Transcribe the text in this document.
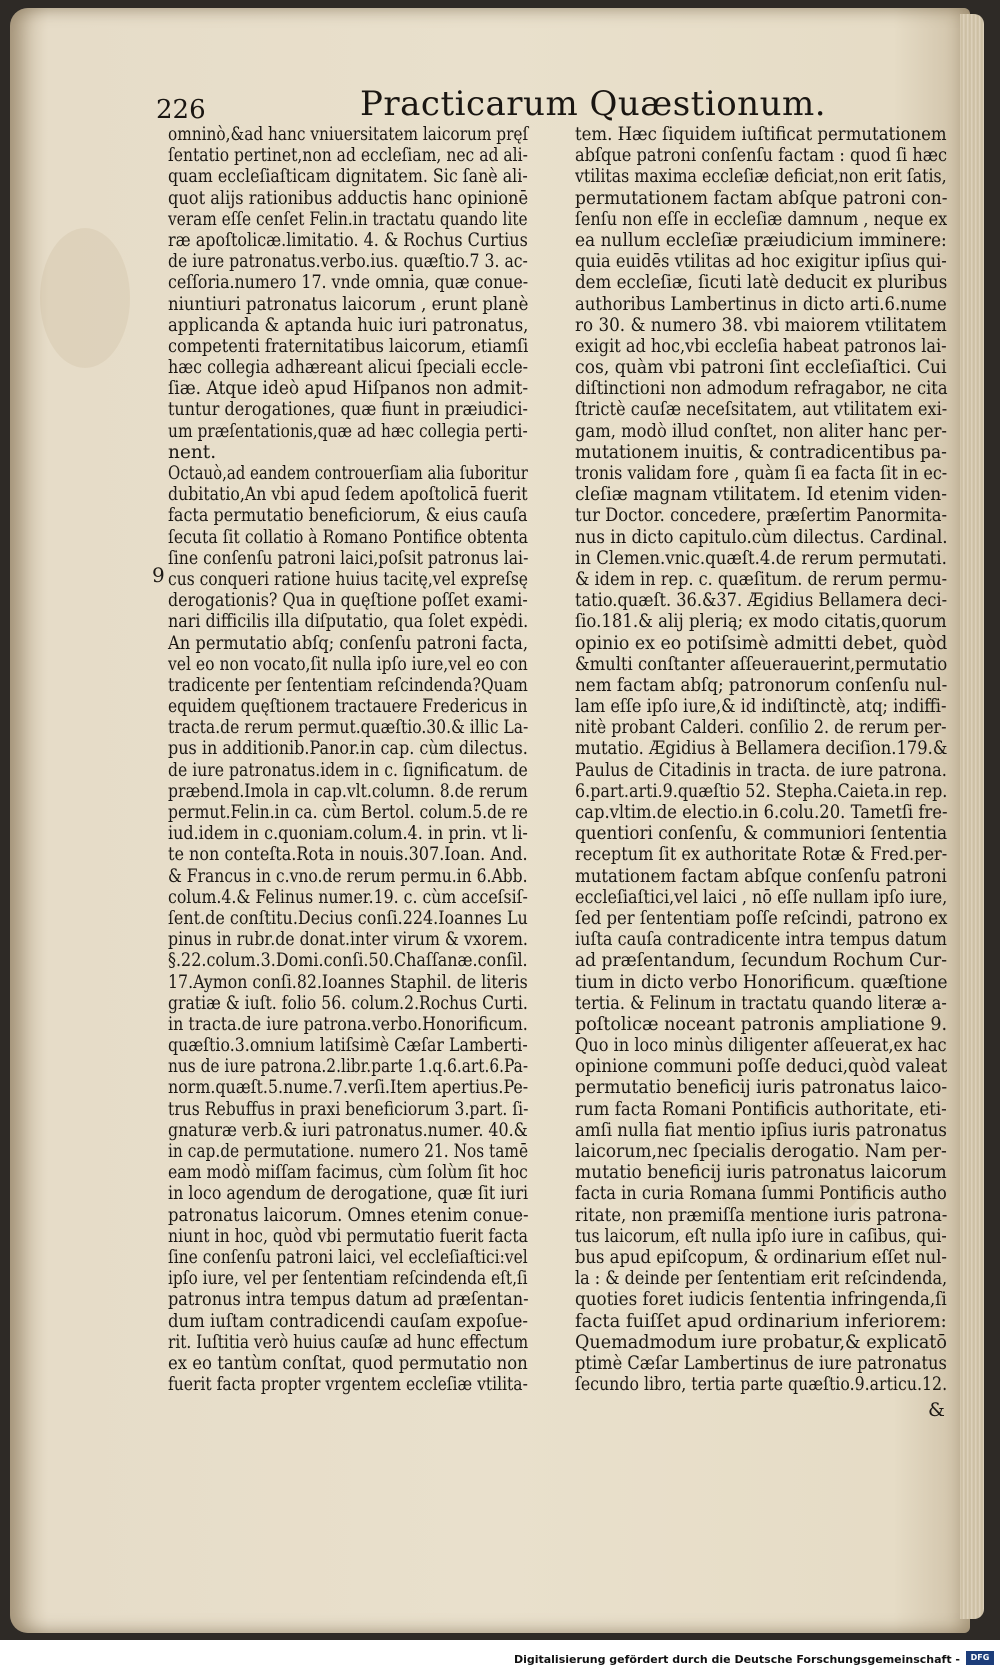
226	Practicarum Quæstionum.
omninò,&ad hanc vniuersitatem laicorum pręſ
ſentatio pertinet,non ad eccleſiam, nec ad ali-
quam eccleſiaſticam dignitatem. Sic ſanè ali-
quot alijs rationibus adductis hanc opinionē
veram eſſe cenſet Felin.in tractatu quando lite
ræ apoſtolicæ.limitatio. 4. & Rochus Curtius
de iure patronatus.verbo.ius. quæſtio.7 3. ac-
ceſſoria.numero 17. vnde omnia, quæ conue-
niuntiuri patronatus laicorum , erunt planè
applicanda & aptanda huic iuri patronatus,
competenti fraternitatibus laicorum, etiamſi
hæc collegia adhæreant alicui ſpeciali eccle-
ſiæ. Atque ideò apud Hiſpanos non admit-
tuntur derogationes, quæ fiunt in præiudici-
um præſentationis,quæ ad hæc collegia perti-
nent.
Octauò,ad eandem controuerſiam alia ſuboritur
dubitatio,An vbi apud ſedem apoſtolicā fuerit
facta permutatio beneficiorum, & eius cauſa
ſecuta ſit collatio à Romano Pontifice obtenta
ſine conſenſu patroni laici,poſsit patronus lai-
cus conqueri ratione huius tacitę,vel expreſsę
derogationis? Qua in quęſtione poſſet exami-
nari difficilis illa diſputatio, qua ſolet expėdi.
An permutatio abſq; conſenſu patroni facta,
vel eo non vocato,ſit nulla ipſo iure,vel eo con
tradicente per ſententiam reſcindenda?Quam
equidem quęſtionem tractauere Fredericus in
tracta.de rerum permut.quæſtio.30.& illic La-
pus in additionib.Panor.in cap. cùm dilectus.
de iure patronatus.idem in c. ſignificatum. de
præbend.Imola in cap.vlt.column. 8.de rerum
permut.Felin.in ca. cùm Bertol. colum.5.de re
iud.idem in c.quoniam.colum.4. in prin. vt li-
te non conteſta.Rota in nouis.307.Ioan. And.
& Francus in c.vno.de rerum permu.in 6.Abb.
colum.4.& Felinus numer.19. c. cùm acceſsiſ-
ſent.de conſtitu.Decius conſi.224.Ioannes Lu
pinus in rubr.de donat.inter virum & vxorem.
§.22.colum.3.Domi.conſi.50.Chaſſanæ.conſil.
17.Aymon conſi.82.Ioannes Staphil. de literis
gratiæ & iuſt. folio 56. colum.2.Rochus Curti.
in tracta.de iure patrona.verbo.Honorificum.
quæſtio.3.omnium latiſsimè Cæſar Lamberti-
nus de iure patrona.2.libr.parte 1.q.6.art.6.Pa-
norm.quæſt.5.nume.7.verſi.Item apertius.Pe-
trus Rebuffus in praxi beneficiorum 3.part. ſi-
gnaturæ verb.& iuri patronatus.numer. 40.&
in cap.de permutatione. numero 21. Nos tamē
eam modò miſſam facimus, cùm ſolùm ſit hoc
in loco agendum de derogatione, quæ ſit iuri
patronatus laicorum. Omnes etenim conue-
niunt in hoc, quòd vbi permutatio fuerit facta
ſine conſenſu patroni laici, vel eccleſiaſtici:vel
ipſo iure, vel per ſententiam reſcindenda eſt,ſi
patronus intra tempus datum ad præſentan-
dum iuſtam contradicendi cauſam expoſue-
rit. Iuſtitia verò huius cauſæ ad hunc effectum
ex eo tantùm conſtat, quod permutatio non
fuerit facta propter vrgentem eccleſiæ vtilita-
tem. Hæc ſiquidem iuſtificat permutationem
abſque patroni conſenſu factam : quod ſi hæc
vtilitas maxima eccleſiæ deficiat,non erit ſatis,
permutationem factam abſque patroni con-
ſenſu non eſſe in eccleſiæ damnum , neque ex
ea nullum eccleſiæ præiudicium imminere:
quia euidēs vtilitas ad hoc exigitur ipſius qui-
dem eccleſiæ, ſicuti latè deducit ex pluribus
authoribus Lambertinus in dicto arti.6.nume
ro 30. & numero 38. vbi maiorem vtilitatem
exigit ad hoc,vbi eccleſia habeat patronos lai-
cos, quàm vbi patroni ſint eccleſiaſtici. Cui
diſtinctioni non admodum refragabor, ne cita
ſtrictè cauſæ neceſsitatem, aut vtilitatem exi-
gam, modò illud conſtet, non aliter hanc per-
mutationem inuitis, & contradicentibus pa-
tronis validam fore , quàm ſi ea facta ſit in ec-
cleſiæ magnam vtilitatem. Id etenim viden-
tur Doctor. concedere, præſertim Panormita-
nus in dicto capitulo.cùm dilectus. Cardinal.
in Clemen.vnic.quæſt.4.de rerum permutati.
& idem in rep. c. quæſitum. de rerum permu-
tatio.quæſt. 36.&37. Ægidius Bellamera deci-
ſio.181.& alij plerią; ex modo citatis,quorum
opinio ex eo potiſsimè admitti debet, quòd
&multi conſtanter aſſeuerauerint,permutatio
nem factam abſq; patronorum conſenſu nul-
lam eſſe ipſo iure,& id indiſtinctè, atq; indiffi-
nitè probant Calderi. conſilio 2. de rerum per-
mutatio. Ægidius à Bellamera deciſion.179.&
Paulus de Citadinis in tracta. de iure patrona.
6.part.arti.9.quæſtio 52. Stepha.Caieta.in rep.
cap.vltim.de electio.in 6.colu.20. Tametſi fre-
quentiori conſenſu, & communiori ſententia
receptum ſit ex authoritate Rotæ & Fred.per-
mutationem factam abſque conſenſu patroni
eccleſiaſtici,vel laici , nō eſſe nullam ipſo iure,
ſed per ſententiam poſſe reſcindi, patrono ex
iuſta cauſa contradicente intra tempus datum
ad præſentandum, ſecundum Rochum Cur-
tium in dicto verbo Honorificum. quæſtione
tertia. & Felinum in tractatu quando literæ a-
poſtolicæ noceant patronis ampliatione 9.
Quo in loco minùs diligenter aſſeuerat,ex hac
opinione communi poſſe deduci,quòd valeat
permutatio beneficij iuris patronatus laico-
rum facta Romani Pontificis authoritate, eti-
amſi nulla fiat mentio ipſius iuris patronatus
laicorum,nec ſpecialis derogatio. Nam per-
mutatio beneficij iuris patronatus laicorum
facta in curia Romana ſummi Pontificis autho
ritate, non præmiſſa mentione iuris patrona-
tus laicorum, eſt nulla ipſo iure in caſibus, qui-
bus apud epiſcopum, & ordinarium eſſet nul-
la : & deinde per ſententiam erit reſcindenda,
quoties foret iudicis ſententia infringenda,ſi
facta fuiſſet apud ordinarium inferiorem:
Quemadmodum iure probatur,& explicatō
ptimè Cæſar Lambertinus de iure patronatus
ſecundo libro, tertia parte quæſtio.9.articu.12.
9
&
Digitalisierung gefördert durch die Deutsche Forschungsgemeinschaft -	DFG
